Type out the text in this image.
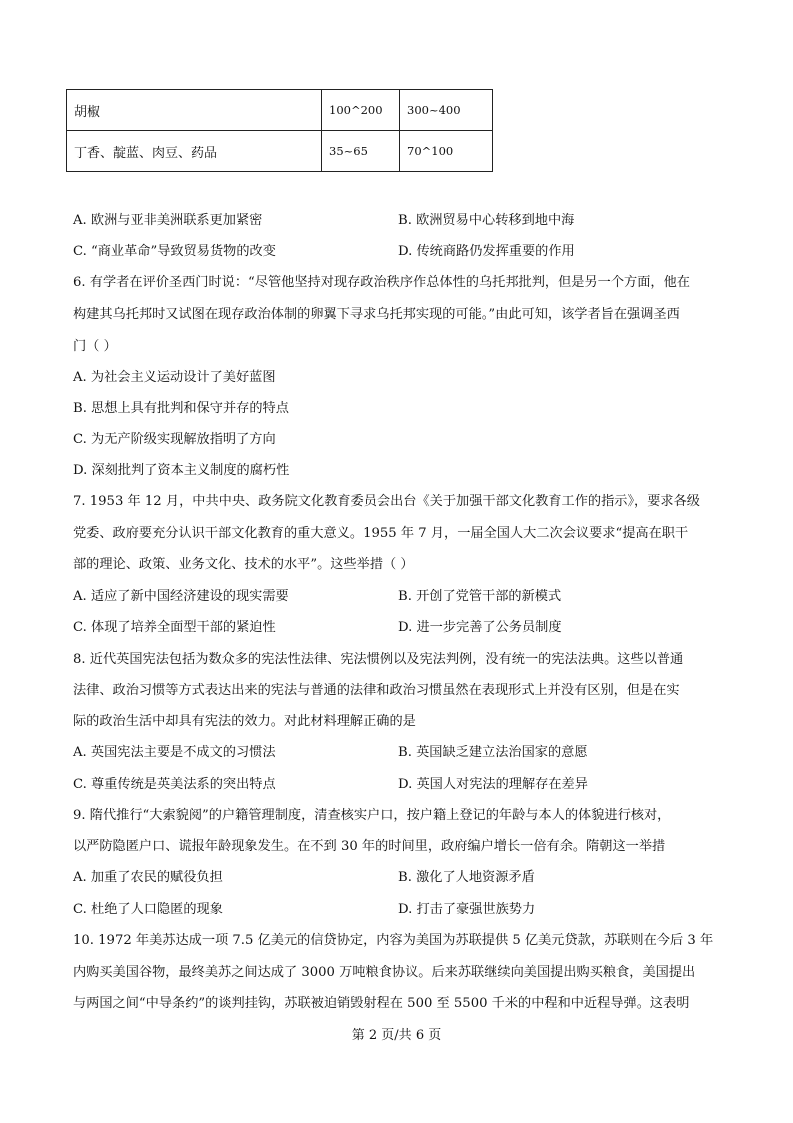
胡椒	100^200	300~400
丁香、靛蓝、肉豆、药品	35~65	70^100
A. 欧洲与亚非美洲联系更加紧密	B. 欧洲贸易中心转移到地中海
C. “商业革命”导致贸易货物的改变	D. 传统商路仍发挥重要的作用
6. 有学者在评价圣西门时说：“尽管他坚持对现存政治秩序作总体性的乌托邦批判，但是另一个方面，他在
构建其乌托邦时又试图在现存政治体制的卵翼下寻求乌托邦实现的可能。”由此可知，该学者旨在强调圣西
门（ ）
A. 为社会主义运动设计了美好蓝图
B. 思想上具有批判和保守并存的特点
C. 为无产阶级实现解放指明了方向
D. 深刻批判了资本主义制度的腐朽性
7. 1953 年 12 月，中共中央、政务院文化教育委员会出台《关于加强干部文化教育工作的指示》，要求各级
党委、政府要充分认识干部文化教育的重大意义。1955 年 7 月，一届全国人大二次会议要求“提高在职干
部的理论、政策、业务文化、技术的水平”。这些举措（ ）
A. 适应了新中国经济建设的现实需要	B. 开创了党管干部的新模式
C. 体现了培养全面型干部的紧迫性	D. 进一步完善了公务员制度
8. 近代英国宪法包括为数众多的宪法性法律、宪法惯例以及宪法判例，没有统一的宪法法典。这些以普通
法律、政治习惯等方式表达出来的宪法与普通的法律和政治习惯虽然在表现形式上并没有区别，但是在实
际的政治生活中却具有宪法的效力。对此材料理解正确的是
A. 英国宪法主要是不成文的习惯法	B. 英国缺乏建立法治国家的意愿
C. 尊重传统是英美法系的突出特点	D. 英国人对宪法的理解存在差异
9. 隋代推行“大索貌阅”的户籍管理制度，清查核实户口，按户籍上登记的年龄与本人的体貌进行核对，
以严防隐匿户口、谎报年龄现象发生。在不到 30 年的时间里，政府编户增长一倍有余。隋朝这一举措
A. 加重了农民的赋役负担	B. 激化了人地资源矛盾
C. 杜绝了人口隐匿的现象	D. 打击了豪强世族势力
10. 1972 年美苏达成一项 7.5 亿美元的信贷协定，内容为美国为苏联提供 5 亿美元贷款，苏联则在今后 3 年
内购买美国谷物，最终美苏之间达成了 3000 万吨粮食协议。后来苏联继续向美国提出购买粮食，美国提出
与两国之间“中导条约”的谈判挂钩，苏联被迫销毁射程在 500 至 5500 千米的中程和中近程导弹。这表明
第 2 页/共 6 页
